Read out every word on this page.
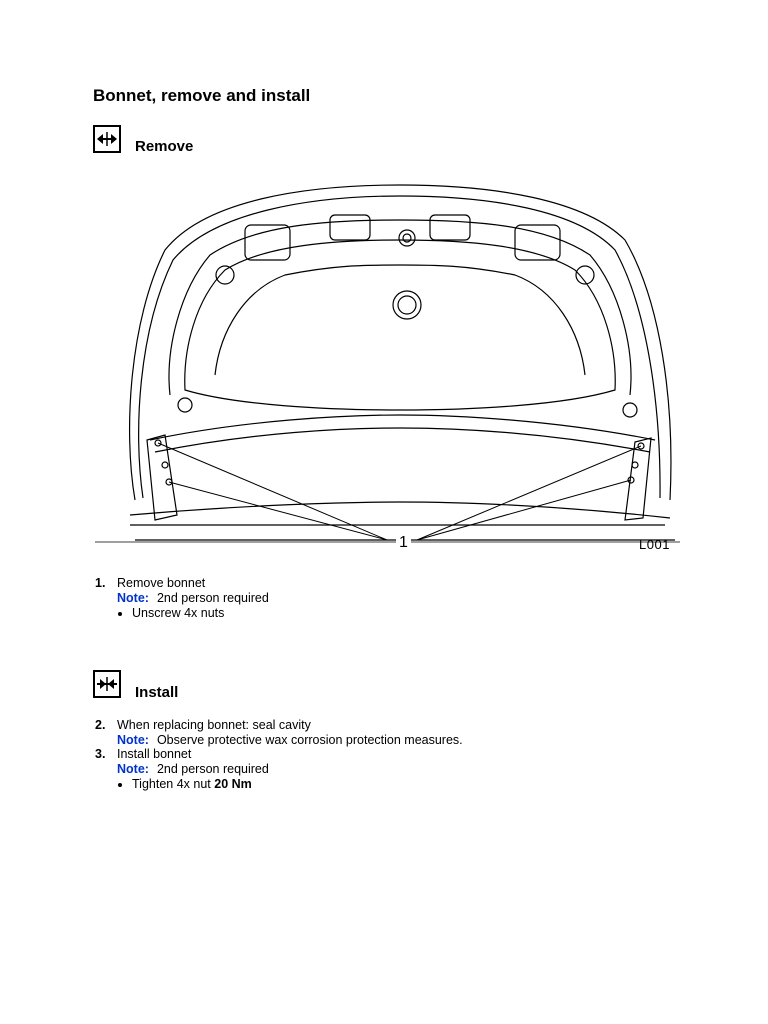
Bonnet, remove and install
Remove
1	L001
1. Remove bonnet
Note: 2nd person required
Unscrew 4x nuts
Install
2. When replacing bonnet: seal cavity
Note: Observe protective wax corrosion protection measures.
3. Install bonnet
Note: 2nd person required
Tighten 4x nut 20 Nm
